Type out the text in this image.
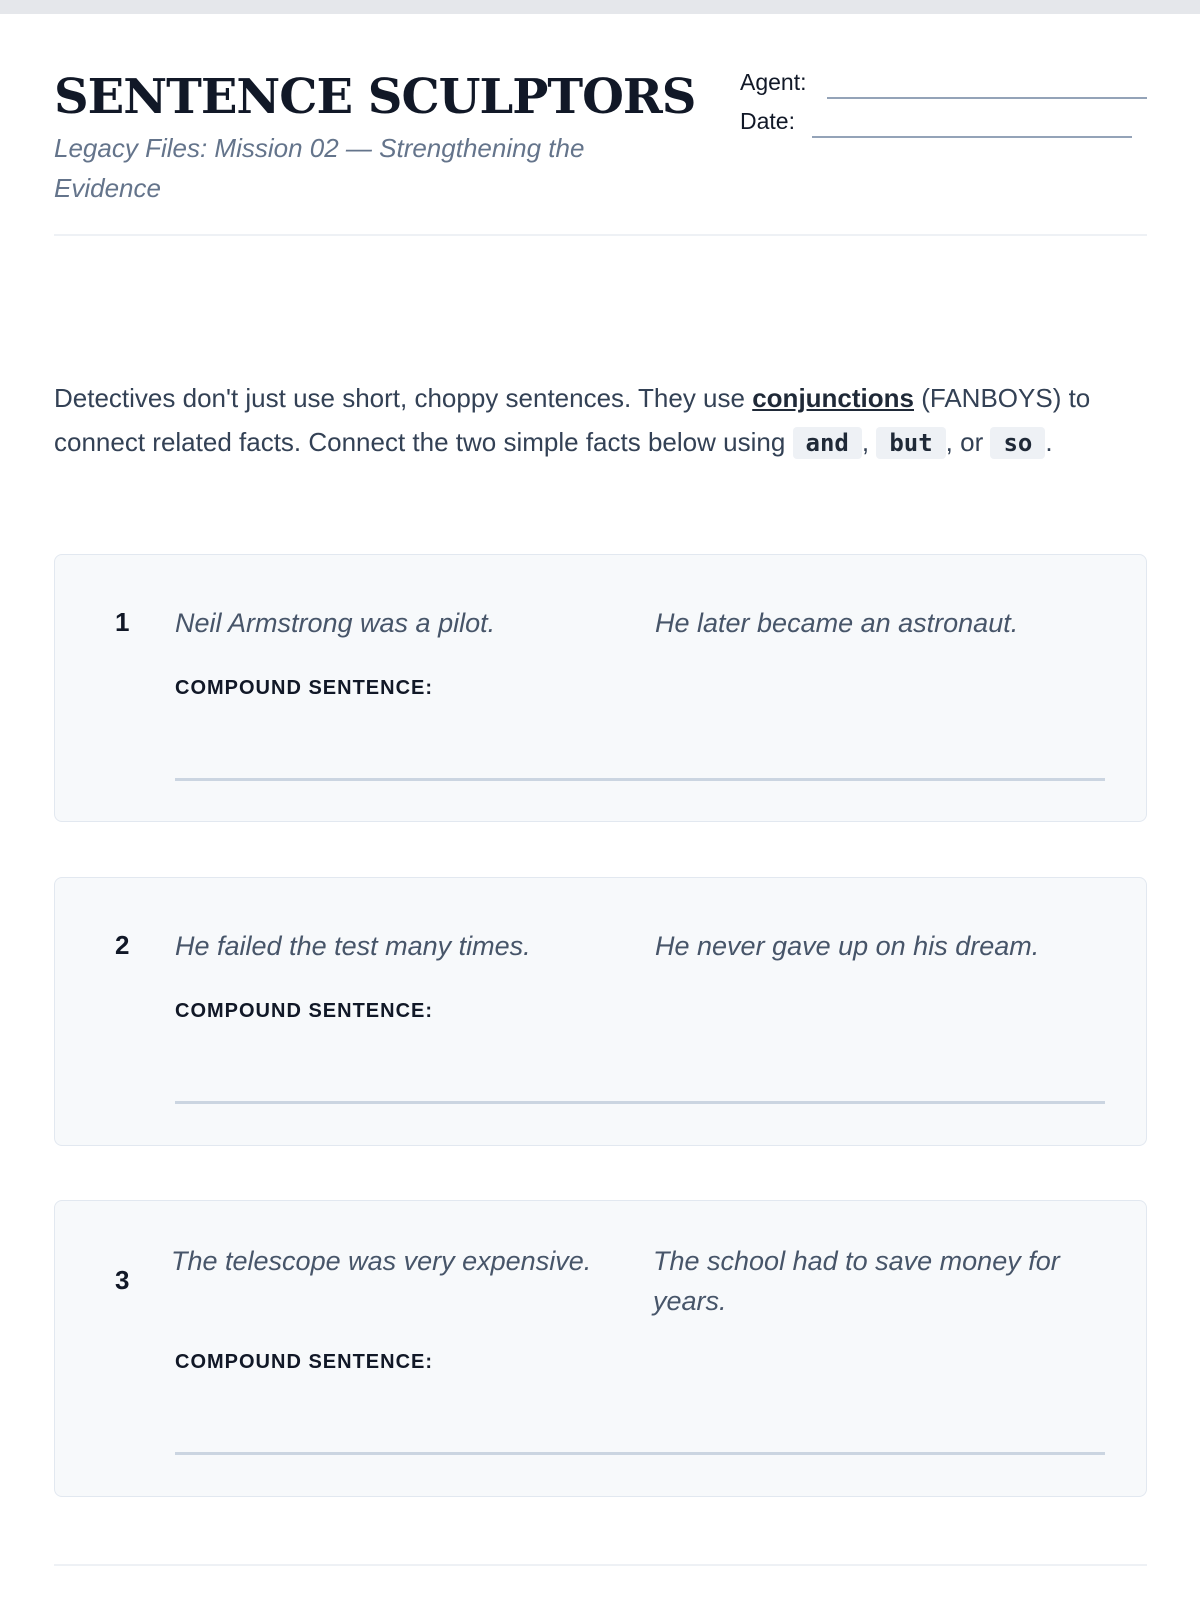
SENTENCE SCULPTORS
Legacy Files: Mission 02 — Strengthening the Evidence
Agent:
Date:

Detectives don't just use short, choppy sentences. They use conjunctions (FANBOYS) to connect related facts. Connect the two simple facts below using and , but , or so .

1 Neil Armstrong was a pilot.	He later became an astronaut.
COMPOUND SENTENCE:
2 He failed the test many times.	He never gave up on his dream.
COMPOUND SENTENCE:
3
The telescope was very expensive.	The school had to save money for years.
COMPOUND SENTENCE:
